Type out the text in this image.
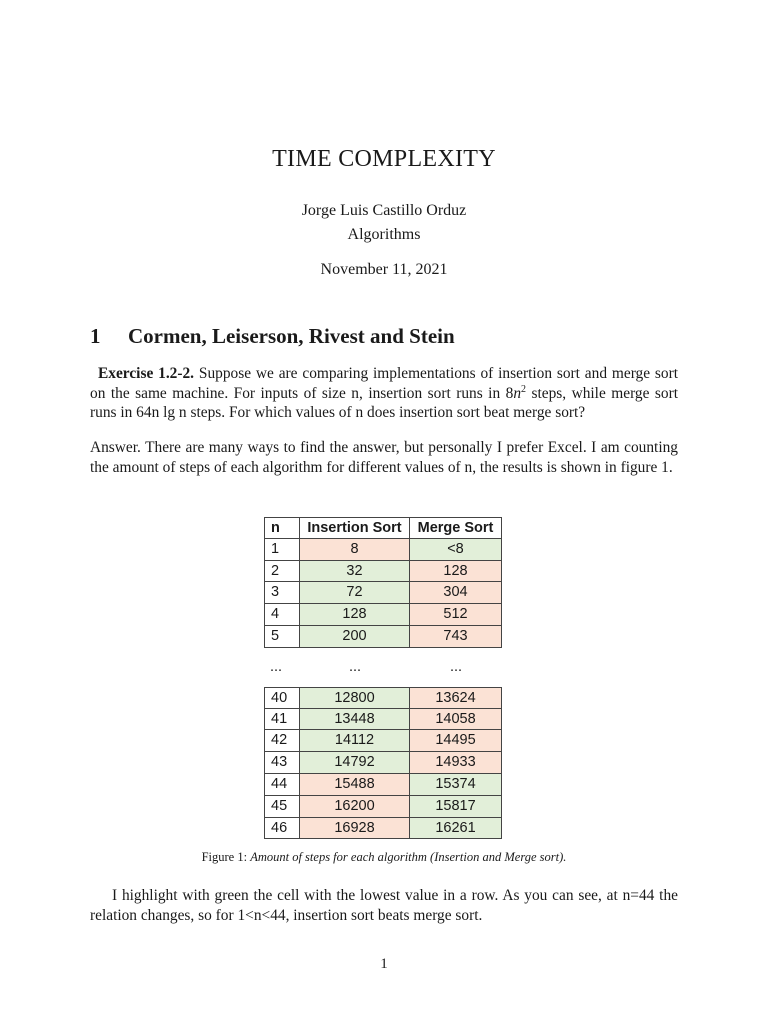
TIME COMPLEXITY
Jorge Luis Castillo Orduz
Algorithms
November 11, 2021
1 Cormen, Leiserson, Rivest and Stein
Exercise 1.2-2. Suppose we are comparing implementations of insertion sort and merge sort on the same machine. For inputs of size n, insertion sort runs in $8n^2$ steps, while merge sort runs in 64n lg n steps. For which values of n does insertion sort beat merge sort?
Answer. There are many ways to find the answer, but personally I prefer Excel. I am counting the amount of steps of each algorithm for different values of n, the results is shown in figure 1.
n	Insertion Sort	Merge Sort
1	8	<8
2	32	128
3	72	304
4	128	512
5	200	743
...	...	...
40	12800	13624
41	13448	14058
42	14112	14495
43	14792	14933
44	15488	15374
45	16200	15817
46	16928	16261
Figure 1: Amount of steps for each algorithm (Insertion and Merge sort).
I highlight with green the cell with the lowest value in a row. As you can see, at n=44 the relation changes, so for 1<n<44, insertion sort beats merge sort.
1
